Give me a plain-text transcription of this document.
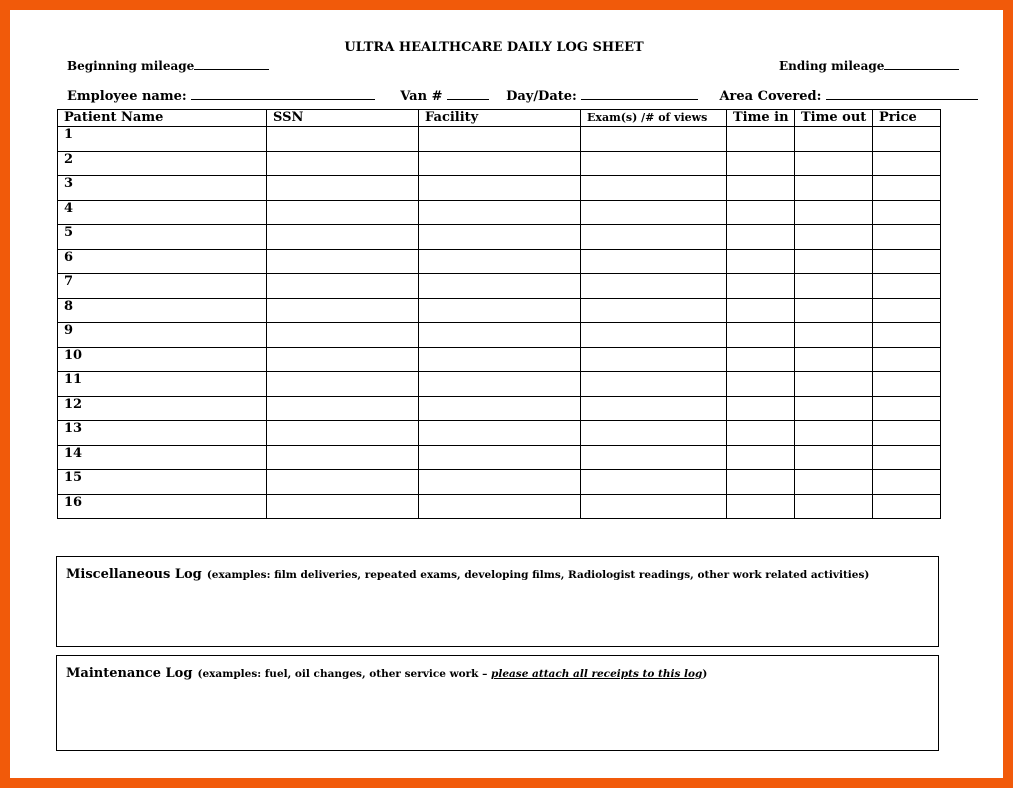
ULTRA HEALTHCARE DAILY LOG SHEET
Beginning mileage	Ending mileage
Employee name:	Van #	Day/Date:	Area Covered:
Patient Name	SSN	Facility	Exam(s) /# of views	Time in	Time out	Price
1						
2						
3						
4						
5						
6						
7						
8						
9						
10						
11						
12						
13						
14						
15						
16						
Miscellaneous Log (examples: film deliveries, repeated exams, developing films, Radiologist readings, other work related activities)
Maintenance Log (examples: fuel, oil changes, other service work – please attach all receipts to this log)
